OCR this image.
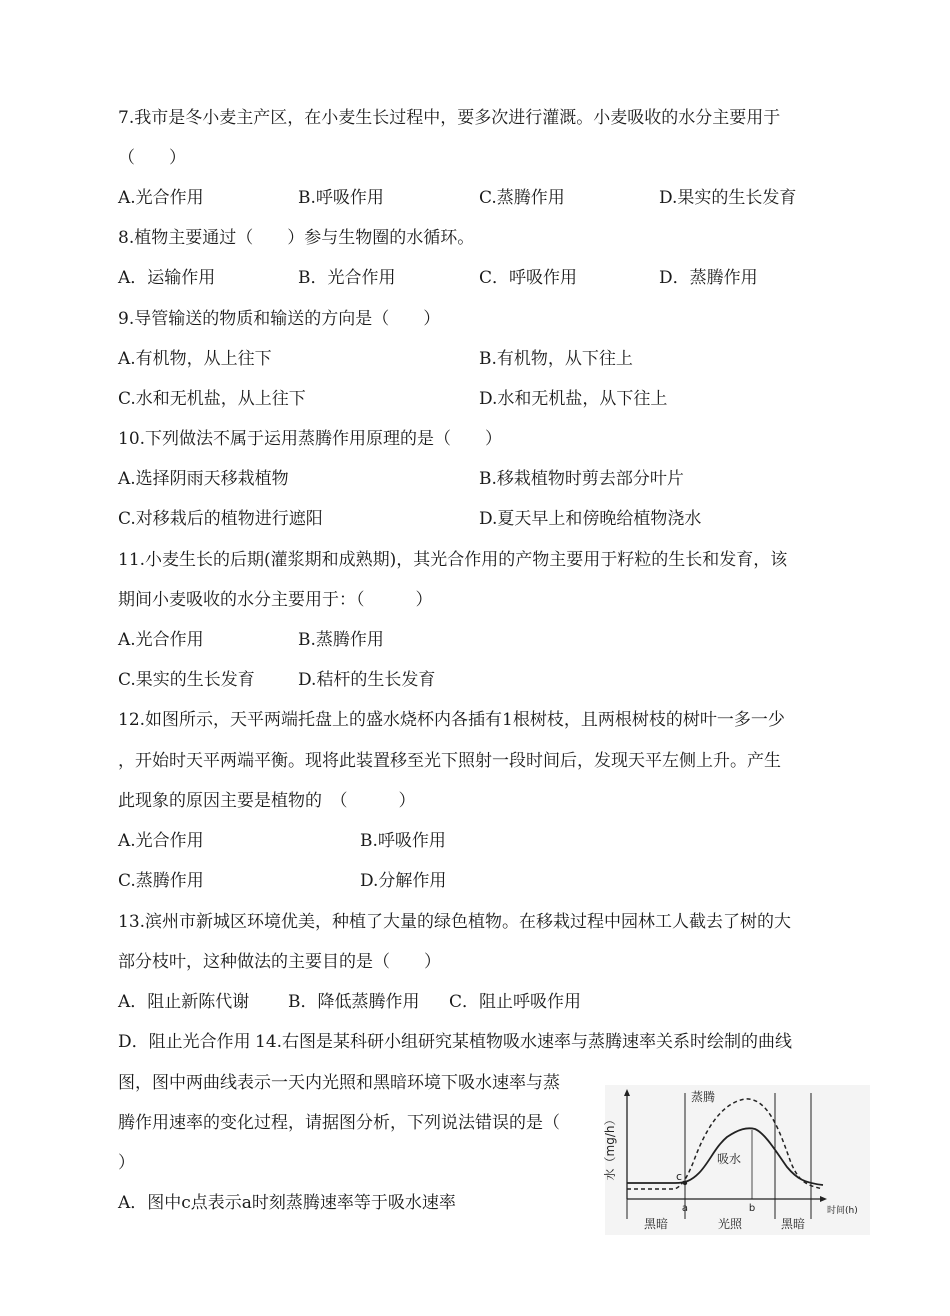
7.我市是冬小麦主产区，在小麦生长过程中，要多次进行灌溉。小麦吸收的水分主要用于
（　　）
A.光合作用	B.呼吸作用	C.蒸腾作用	D.果实的生长发育
8.植物主要通过（　　）参与生物圈的水循环。
A．运输作用	B．光合作用	C．呼吸作用	D．蒸腾作用
9.导管输送的物质和输送的方向是（　　）
A.有机物，从上往下	B.有机物，从下往上
C.水和无机盐，从上往下	D.水和无机盐，从下往上
10.下列做法不属于运用蒸腾作用原理的是（　　）
A.选择阴雨天移栽植物	B.移栽植物时剪去部分叶片
C.对移栽后的植物进行遮阳	D.夏天早上和傍晚给植物浇水
11.小麦生长的后期(灌浆期和成熟期)，其光合作用的产物主要用于籽粒的生长和发育，该
期间小麦吸收的水分主要用于：（　　　）
A.光合作用	B.蒸腾作用
C.果实的生长发育	D.秸杆的生长发育
12.如图所示，天平两端托盘上的盛水烧杯内各插有1根树枝，且两根树枝的树叶一多一少
，开始时天平两端平衡。现将此装置移至光下照射一段时间后，发现天平左侧上升。产生
此现象的原因主要是植物的　（　　　）
A.光合作用	B.呼吸作用
C.蒸腾作用	D.分解作用
13.滨州市新城区环境优美，种植了大量的绿色植物。在移栽过程中园林工人截去了树的大
部分枝叶，这种做法的主要目的是（　　）
A．阻止新陈代谢 B．降低蒸腾作用 C．阻止呼吸作用
D．阻止光合作用 14.右图是某科研小组研究某植物吸水速率与蒸腾速率关系时绘制的曲线
图，图中两曲线表示一天内光照和黑暗环境下吸水速率与蒸
腾作用速率的变化过程，请据图分析，下列说法错误的是（
）
A．图中c点表示a时刻蒸腾速率等于吸水速率
水（mg/h）
时间(h)
蒸腾
吸水
c
a	b
黑暗	光照	黑暗
